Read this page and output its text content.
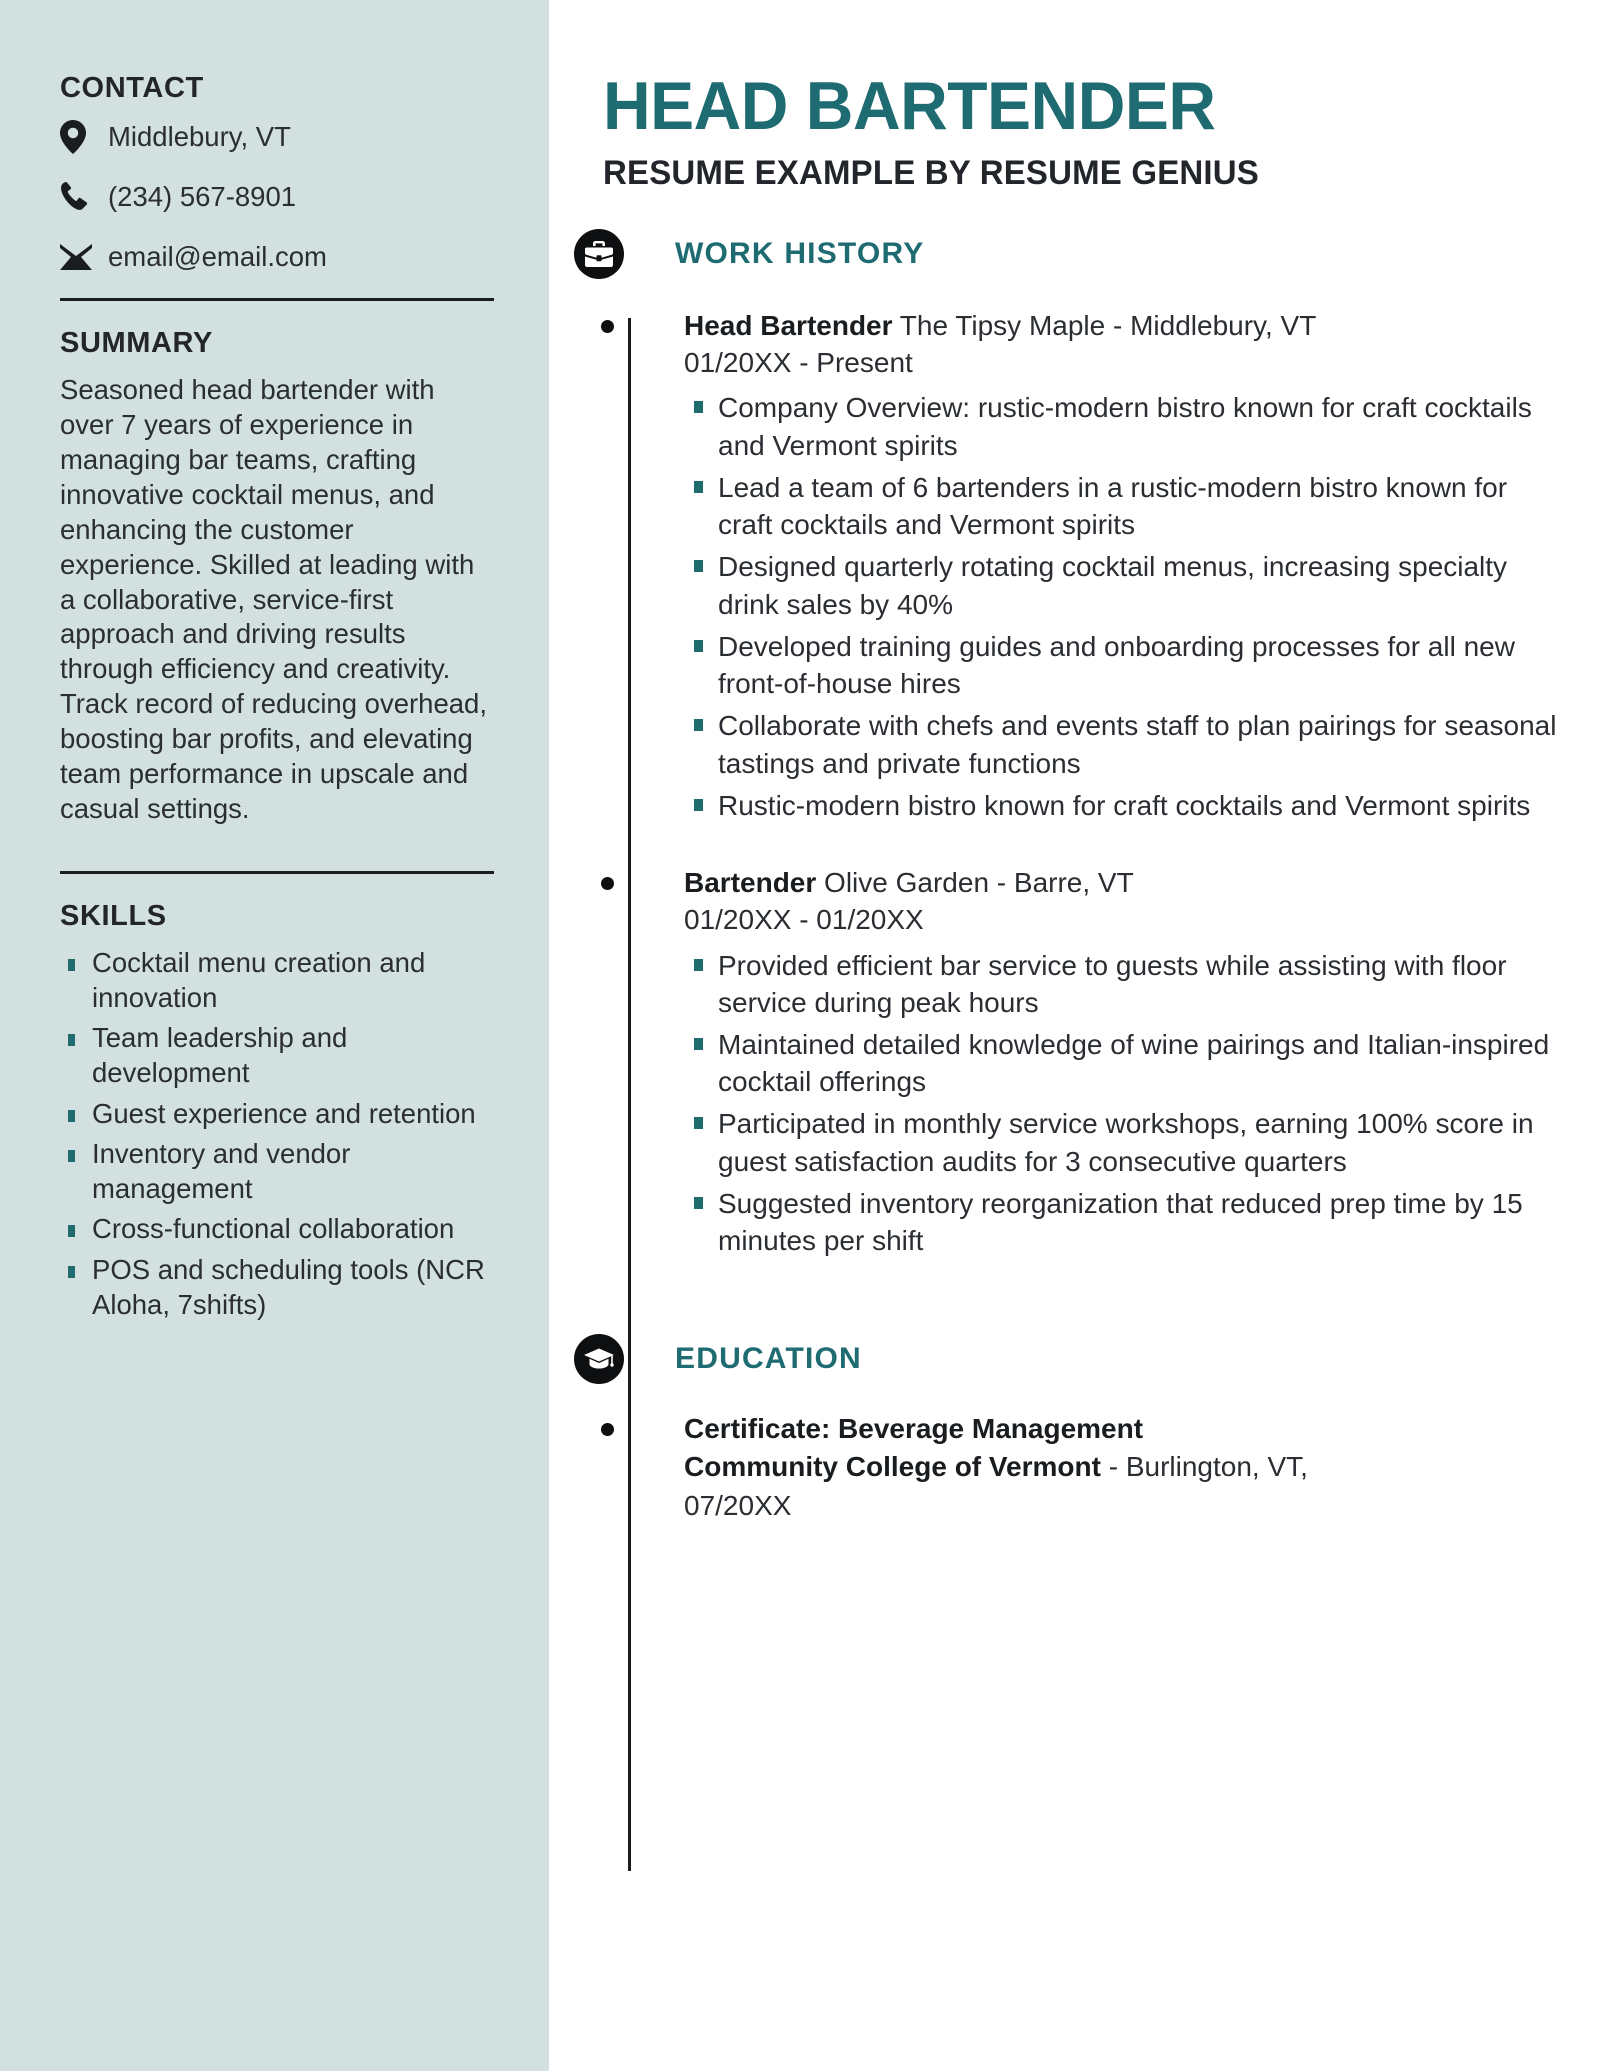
CONTACT
Middlebury, VT
(234) 567-8901
email@email.com
SUMMARY

Seasoned head bartender with over 7 years of experience in managing bar teams, crafting innovative cocktail menus, and enhancing the customer experience. Skilled at leading with a collaborative, service-first approach and driving results through efficiency and creativity. Track record of reducing overhead, boosting bar profits, and elevating team performance in upscale and casual settings.

SKILLS
Cocktail menu creation and innovation
Team leadership and development
Guest experience and retention
Inventory and vendor management
Cross-functional collaboration
POS and scheduling tools (NCR Aloha, 7shifts)
HEAD BARTENDER
RESUME EXAMPLE BY RESUME GENIUS
WORK HISTORY
Head Bartender The Tipsy Maple - Middlebury, VT
01/20XX - Present
Company Overview: rustic-modern bistro known for craft cocktails and Vermont spirits
Lead a team of 6 bartenders in a rustic-modern bistro known for craft cocktails and Vermont spirits
Designed quarterly rotating cocktail menus, increasing specialty drink sales by 40%
Developed training guides and onboarding processes for all new front-of-house hires
Collaborate with chefs and events staff to plan pairings for seasonal tastings and private functions
Rustic-modern bistro known for craft cocktails and Vermont spirits
Bartender Olive Garden - Barre, VT
01/20XX - 01/20XX
Provided efficient bar service to guests while assisting with floor service during peak hours
Maintained detailed knowledge of wine pairings and Italian-inspired cocktail offerings
Participated in monthly service workshops, earning 100% score in guest satisfaction audits for 3 consecutive quarters
Suggested inventory reorganization that reduced prep time by 15 minutes per shift
EDUCATION
Certificate: Beverage Management
Community College of Vermont - Burlington, VT,
07/20XX
